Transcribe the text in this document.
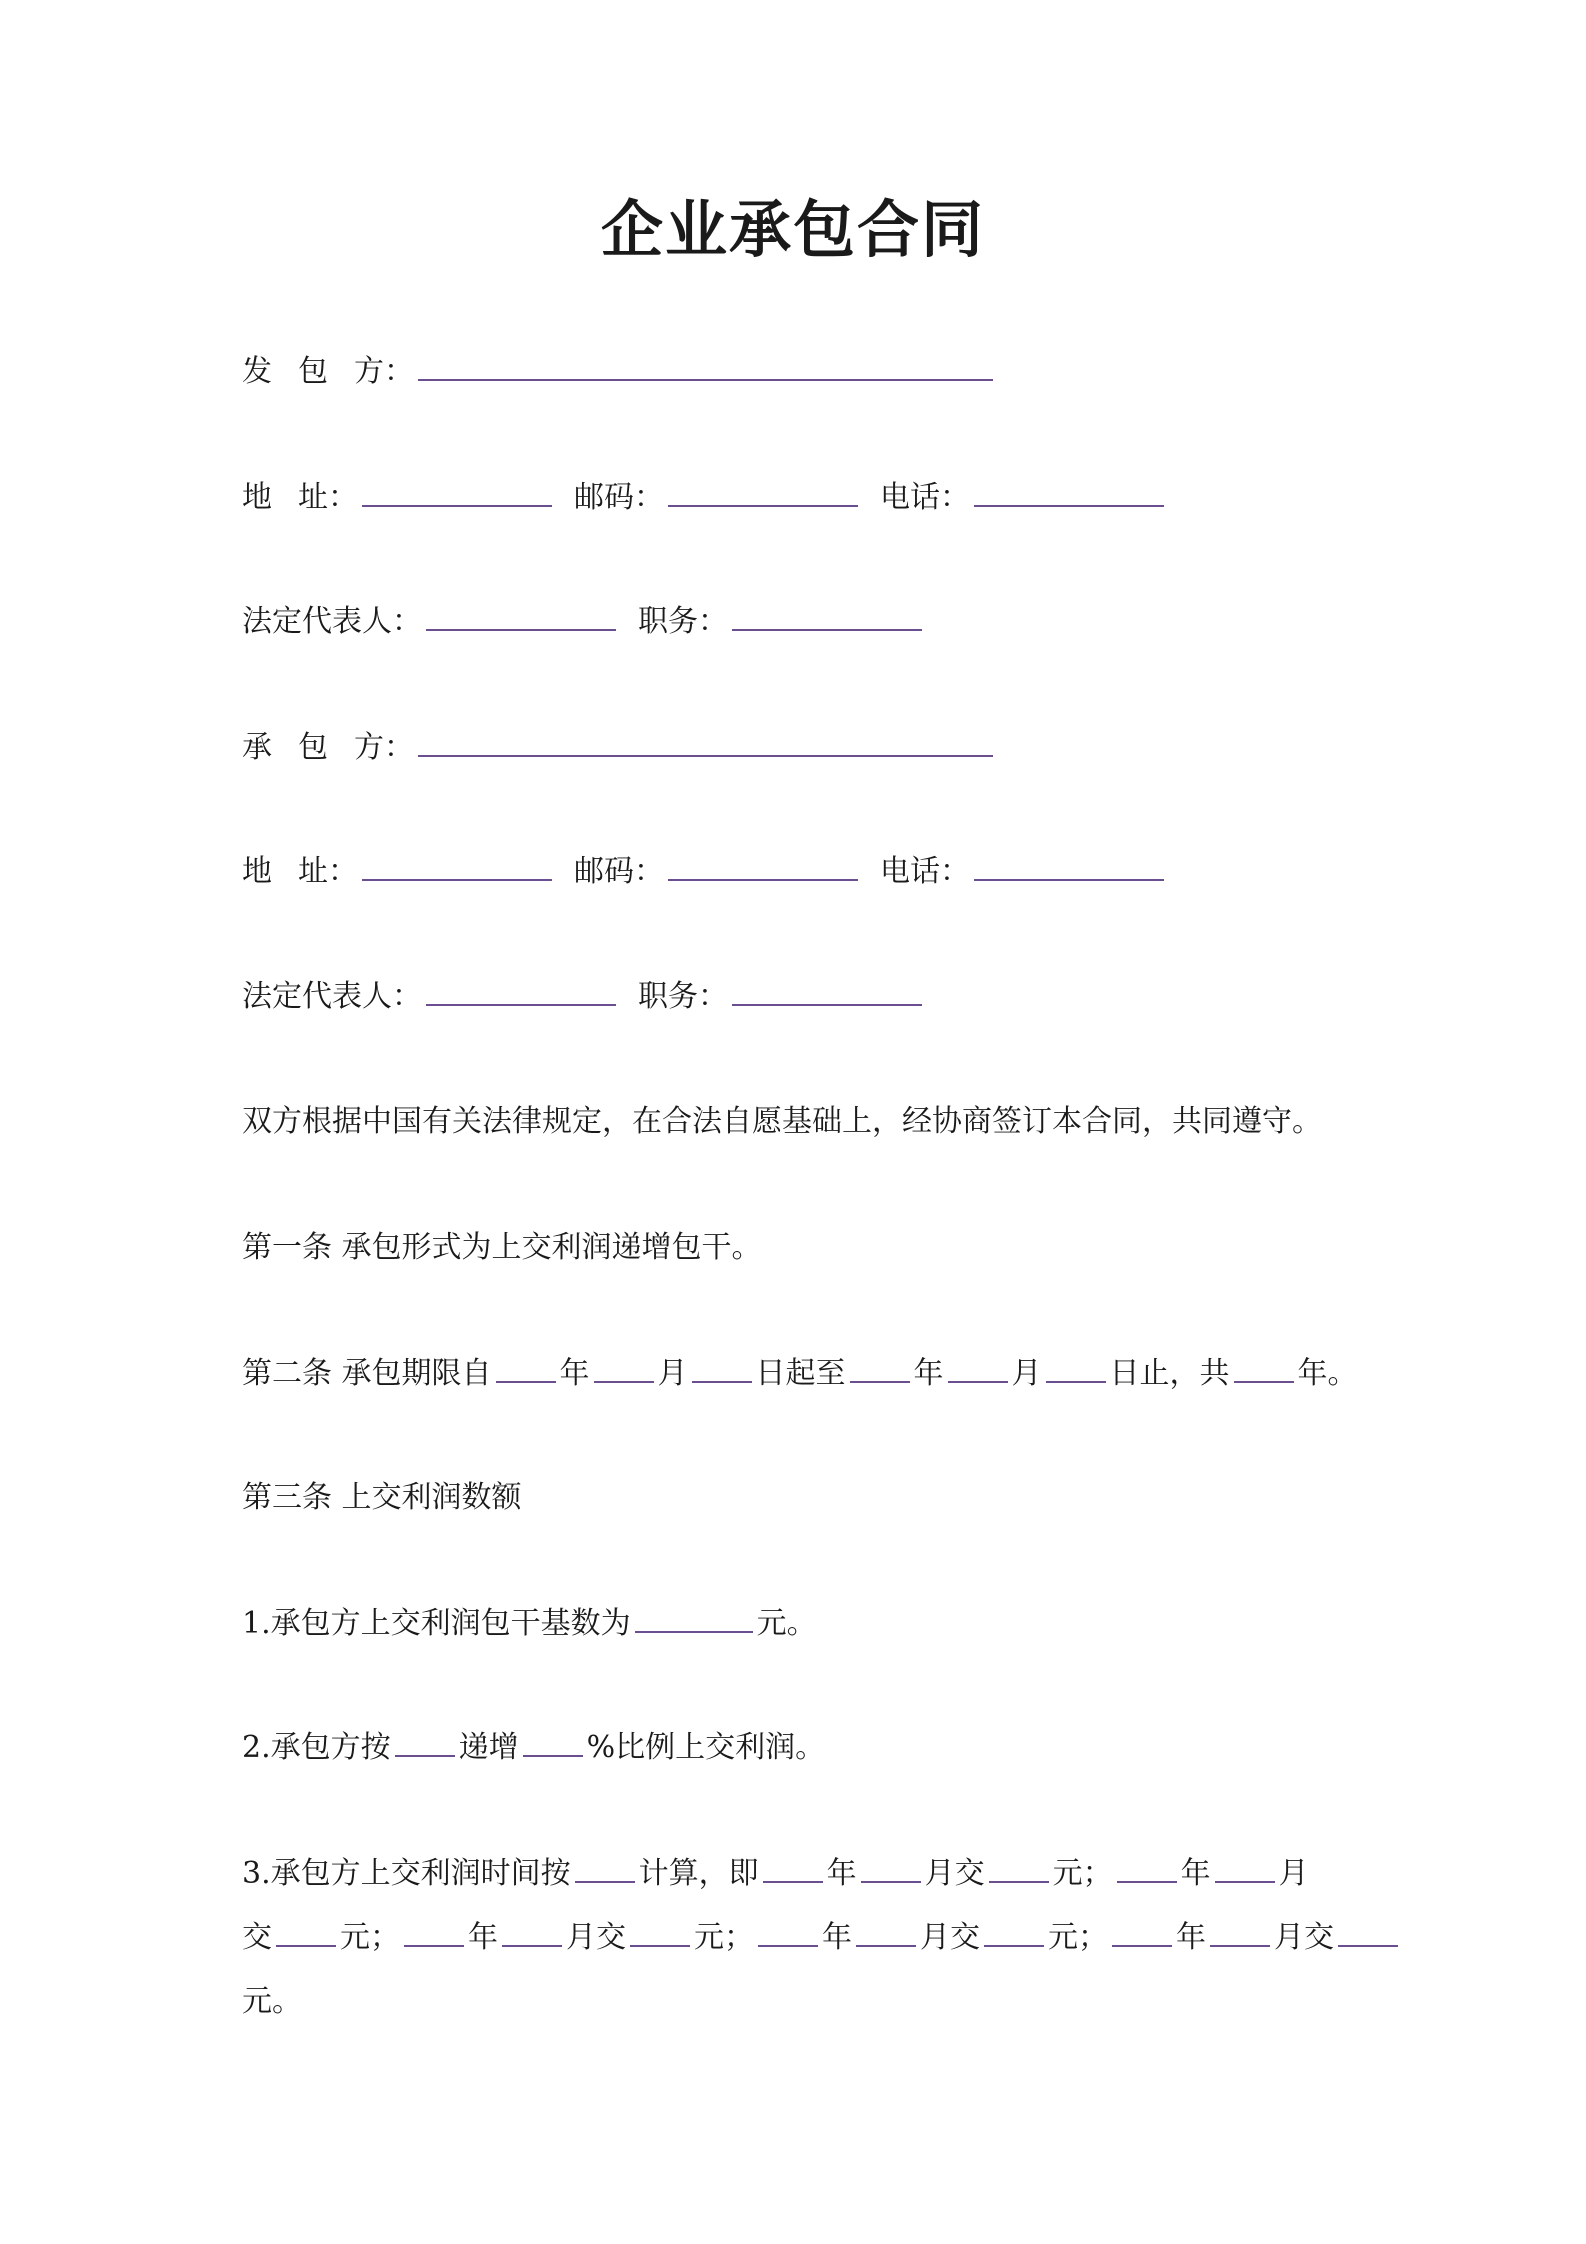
企业承包合同
发 包 方：
地 址：	邮码：	电话：
法定代表人：	职务：
承 包 方：
地 址：	邮码：	电话：
法定代表人：	职务：
双方根据中国有关法律规定，在合法自愿基础上，经协商签订本合同，共同遵守。
第一条 承包形式为上交利润递增包干。
第二条 承包期限自 年 月 日起至 年 月 日止，共 年。
第三条 上交利润数额
1.承包方上交利润包干基数为	元。
2.承包方按 递增 %比例上交利润。
3.承包方上交利润时间按 计算，即 年 月交 元； 年 月
交 元； 年 月交 元； 年 月交 元； 年 月交
元。
